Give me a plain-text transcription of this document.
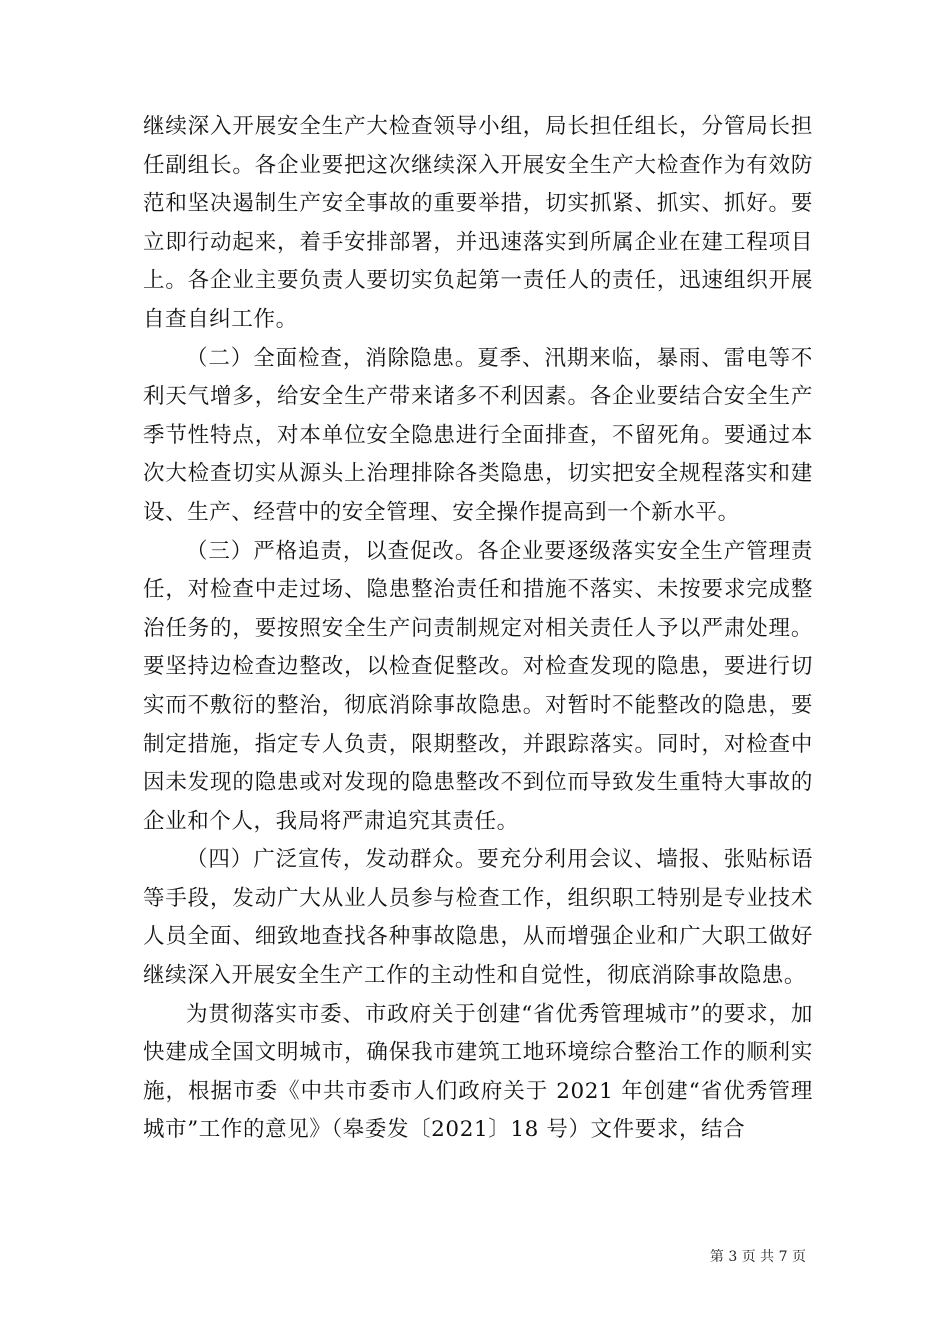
继续深入开展安全生产大检查领导小组，局长担任组长，分管局长担任副组长。各企业要把这次继续深入开展安全生产大检查作为有效防范和坚决遏制生产安全事故的重要举措，切实抓紧、抓实、抓好。要立即行动起来，着手安排部署，并迅速落实到所属企业在建工程项目上。各企业主要负责人要切实负起第一责任人的责任，迅速组织开展自查自纠工作。

（二）全面检查，消除隐患。夏季、汛期来临，暴雨、雷电等不利天气增多，给安全生产带来诸多不利因素。各企业要结合安全生产季节性特点，对本单位安全隐患进行全面排查，不留死角。要通过本次大检查切实从源头上治理排除各类隐患，切实把安全规程落实和建设、生产、经营中的安全管理、安全操作提高到一个新水平。

（三）严格追责，以查促改。各企业要逐级落实安全生产管理责任，对检查中走过场、隐患整治责任和措施不落实、未按要求完成整治任务的，要按照安全生产问责制规定对相关责任人予以严肃处理。要坚持边检查边整改，以检查促整改。对检查发现的隐患，要进行切实而不敷衍的整治，彻底消除事故隐患。对暂时不能整改的隐患，要制定措施，指定专人负责，限期整改，并跟踪落实。同时，对检查中因未发现的隐患或对发现的隐患整改不到位而导致发生重特大事故的企业和个人，我局将严肃追究其责任。

（四）广泛宣传，发动群众。要充分利用会议、墙报、张贴标语等手段，发动广大从业人员参与检查工作，组织职工特别是专业技术人员全面、细致地查找各种事故隐患，从而增强企业和广大职工做好继续深入开展安全生产工作的主动性和自觉性，彻底消除事故隐患。

为贯彻落实市委、市政府关于创建“省优秀管理城市”的要求，加快建成全国文明城市，确保我市建筑工地环境综合整治工作的顺利实施，根据市委《中共市委市人们政府关于 2021 年创建“省优秀管理城市”工作的意见》（皋委发〔2021〕18 号）文件要求，结合

第 3 页 共 7 页
